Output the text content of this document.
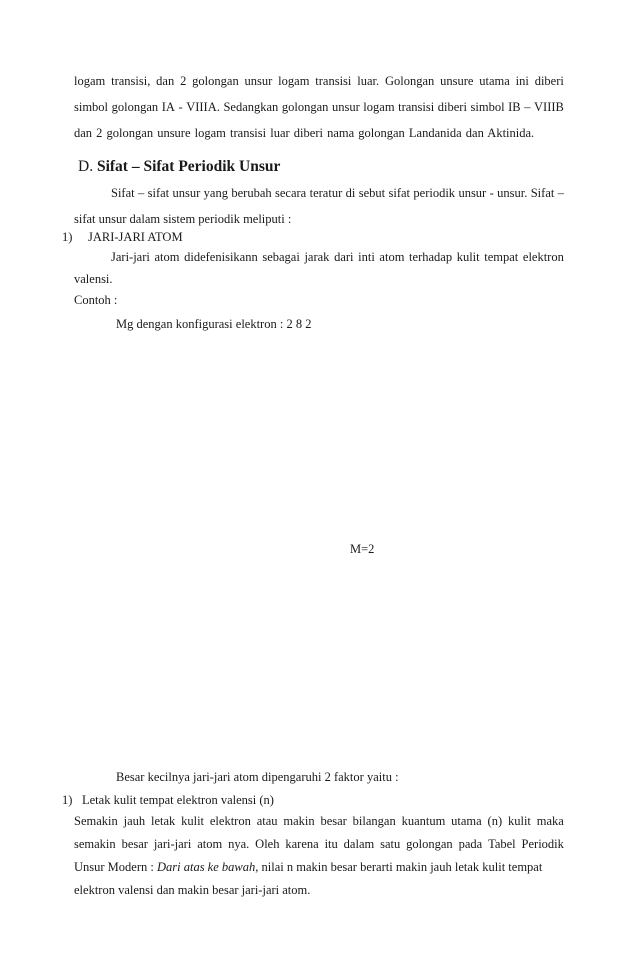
logam transisi, dan 2 golongan unsur logam transisi luar. Golongan unsure utama ini diberi
simbol golongan IA - VIIIA. Sedangkan golongan unsur logam transisi diberi simbol IB – VIIIB
dan 2 golongan unsure logam transisi luar diberi nama golongan Landanida dan Aktinida.
D. Sifat – Sifat Periodik Unsur
Sifat – sifat unsur yang berubah secara teratur di sebut sifat periodik unsur - unsur. Sifat –
sifat unsur dalam sistem periodik meliputi :
1) JARI-JARI ATOM
Jari-jari atom didefenisikann sebagai jarak dari inti atom terhadap kulit tempat elektron
valensi.
Contoh :
Mg dengan konfigurasi elektron : 2 8 2
M=2
Besar kecilnya jari-jari atom dipengaruhi 2 faktor yaitu :
1) Letak kulit tempat elektron valensi (n)
Semakin jauh letak kulit elektron atau makin besar bilangan kuantum utama (n) kulit maka
semakin besar jari-jari atom nya. Oleh karena itu dalam satu golongan pada Tabel Periodik
Unsur Modern : Dari atas ke bawah, nilai n makin besar berarti makin jauh letak kulit tempat
elektron valensi dan makin besar jari-jari atom.
